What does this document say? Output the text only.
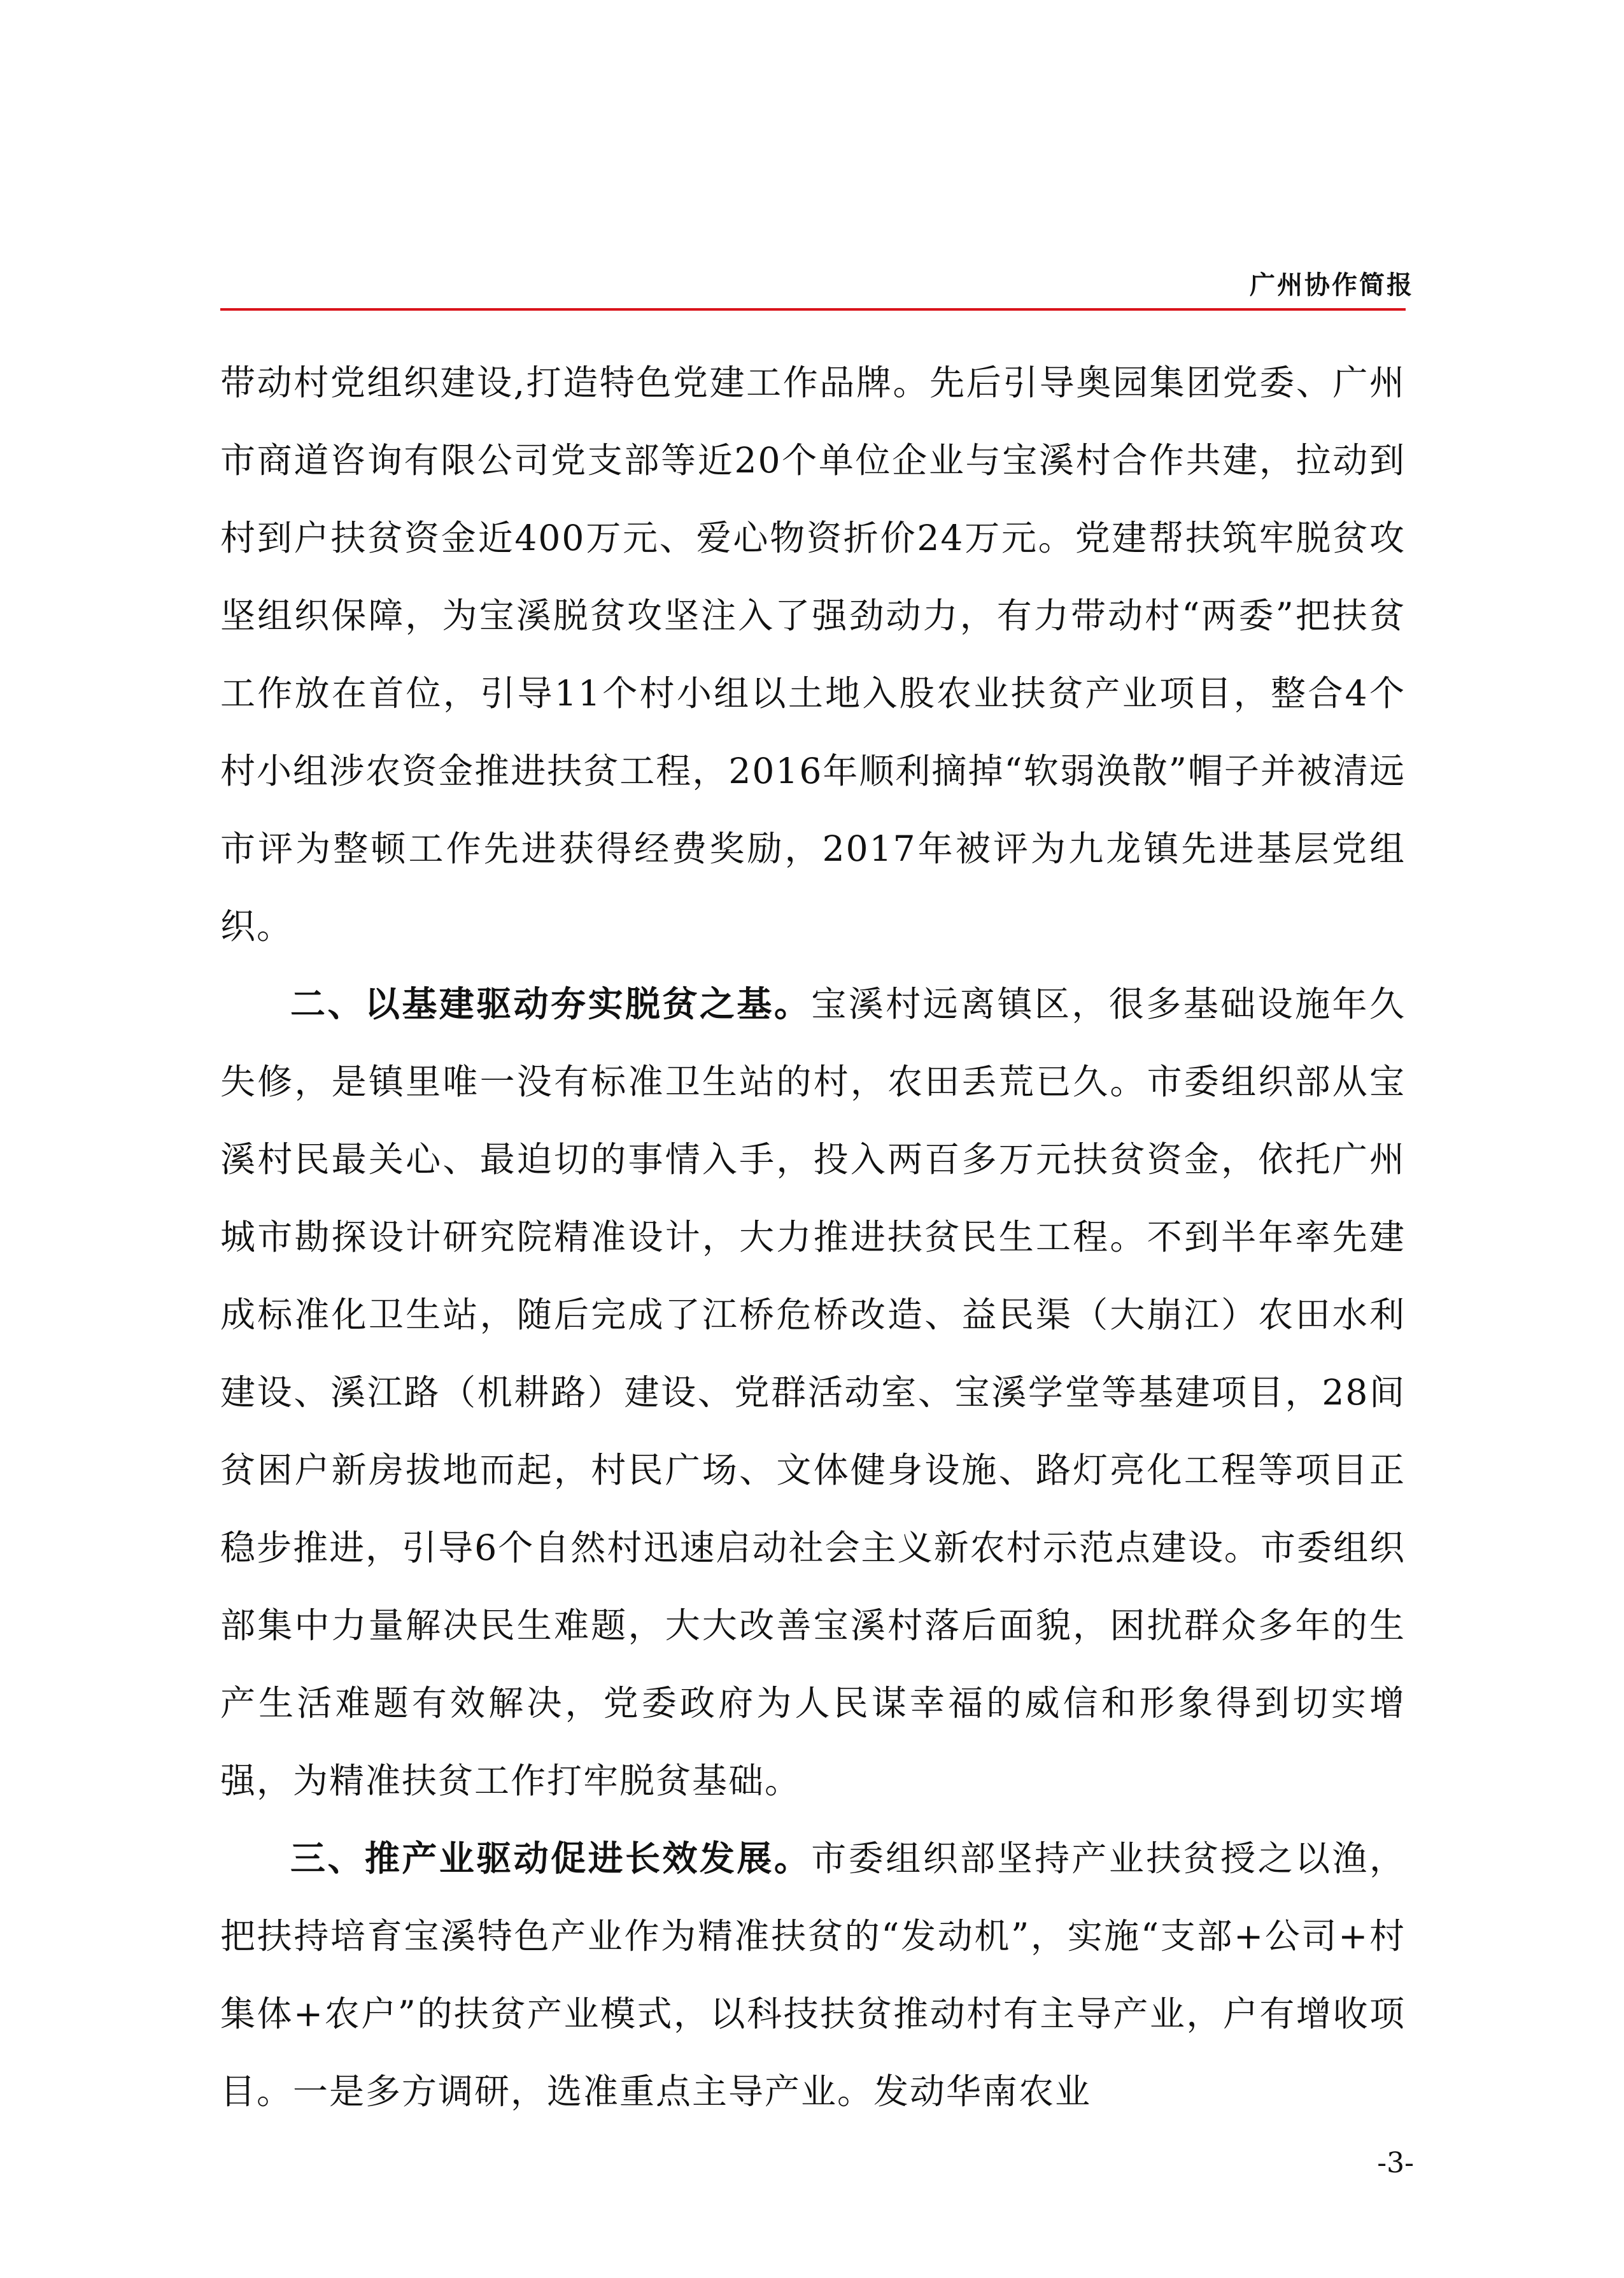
广州协作简报

带动村党组织建设,打造特色党建工作品牌。先后引导奥园集团党委、广州市商道咨询有限公司党支部等近20个单位企业与宝溪村合作共建，拉动到村到户扶贫资金近400万元、爱心物资折价24万元。党建帮扶筑牢脱贫攻坚组织保障，为宝溪脱贫攻坚注入了强劲动力，有力带动村“两委”把扶贫工作放在首位，引导11个村小组以土地入股农业扶贫产业项目，整合4个村小组涉农资金推进扶贫工程，2016年顺利摘掉“软弱涣散”帽子并被清远市评为整顿工作先进获得经费奖励，2017年被评为九龙镇先进基层党组织。

二、以基建驱动夯实脱贫之基。宝溪村远离镇区，很多基础设施年久失修，是镇里唯一没有标准卫生站的村，农田丢荒已久。市委组织部从宝溪村民最关心、最迫切的事情入手，投入两百多万元扶贫资金，依托广州城市勘探设计研究院精准设计，大力推进扶贫民生工程。不到半年率先建成标准化卫生站，随后完成了江桥危桥改造、益民渠（大崩江）农田水利建设、溪江路（机耕路）建设、党群活动室、宝溪学堂等基建项目，28间贫困户新房拔地而起，村民广场、文体健身设施、路灯亮化工程等项目正稳步推进，引导6个自然村迅速启动社会主义新农村示范点建设。市委组织部集中力量解决民生难题，大大改善宝溪村落后面貌，困扰群众多年的生产生活难题有效解决，党委政府为人民谋幸福的威信和形象得到切实增强，为精准扶贫工作打牢脱贫基础。

三、推产业驱动促进长效发展。市委组织部坚持产业扶贫授之以渔，把扶持培育宝溪特色产业作为精准扶贫的“发动机”，实施“支部+公司+村集体+农户”的扶贫产业模式，以科技扶贫推动村有主导产业，户有增收项目。一是多方调研，选准重点主导产业。发动华南农业

-3-
